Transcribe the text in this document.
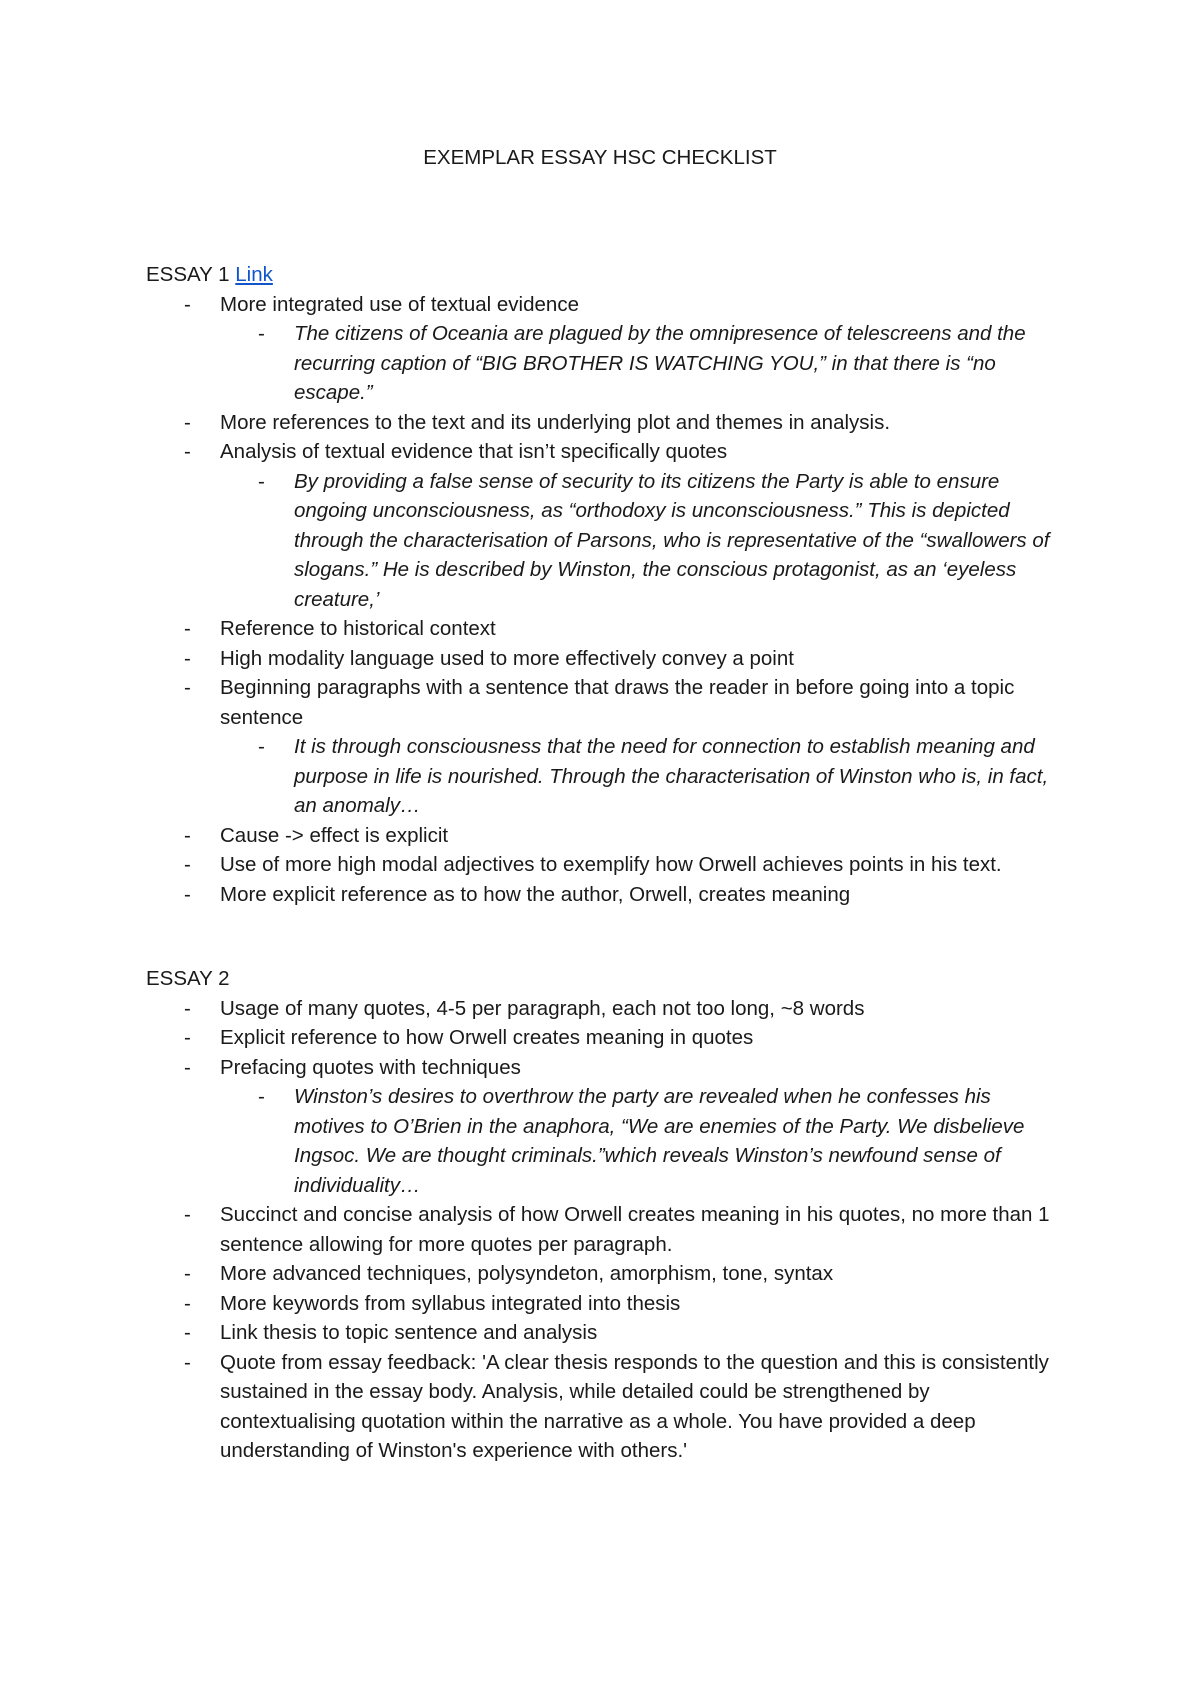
EXEMPLAR ESSAY HSC CHECKLIST
ESSAY 1 Link
- More integrated use of textual evidence
- The citizens of Oceania are plagued by the omnipresence of telescreens and the recurring caption of “BIG BROTHER IS WATCHING YOU,” in that there is “no escape.”
- More references to the text and its underlying plot and themes in analysis.
- Analysis of textual evidence that isn’t specifically quotes
- By providing a false sense of security to its citizens the Party is able to ensure ongoing unconsciousness, as “orthodoxy is unconsciousness.” This is depicted through the characterisation of Parsons, who is representative of the “swallowers of slogans.” He is described by Winston, the conscious protagonist, as an ‘eyeless creature,’
- Reference to historical context
- High modality language used to more effectively convey a point
- Beginning paragraphs with a sentence that draws the reader in before going into a topic sentence
- It is through consciousness that the need for connection to establish meaning and purpose in life is nourished. Through the characterisation of Winston who is, in fact, an anomaly…
- Cause -> effect is explicit
- Use of more high modal adjectives to exemplify how Orwell achieves points in his text.
- More explicit reference as to how the author, Orwell, creates meaning
ESSAY 2
- Usage of many quotes, 4-5 per paragraph, each not too long, ~8 words
- Explicit reference to how Orwell creates meaning in quotes
- Prefacing quotes with techniques
- Winston’s desires to overthrow the party are revealed when he confesses his motives to O’Brien in the anaphora, “We are enemies of the Party. We disbelieve Ingsoc. We are thought criminals.”which reveals Winston’s newfound sense of individuality…
- Succinct and concise analysis of how Orwell creates meaning in his quotes, no more than 1 sentence allowing for more quotes per paragraph.
- More advanced techniques, polysyndeton, amorphism, tone, syntax
- More keywords from syllabus integrated into thesis
- Link thesis to topic sentence and analysis
- Quote from essay feedback: 'A clear thesis responds to the question and this is consistently sustained in the essay body. Analysis, while detailed could be strengthened by contextualising quotation within the narrative as a whole. You have provided a deep understanding of Winston's experience with others.'
